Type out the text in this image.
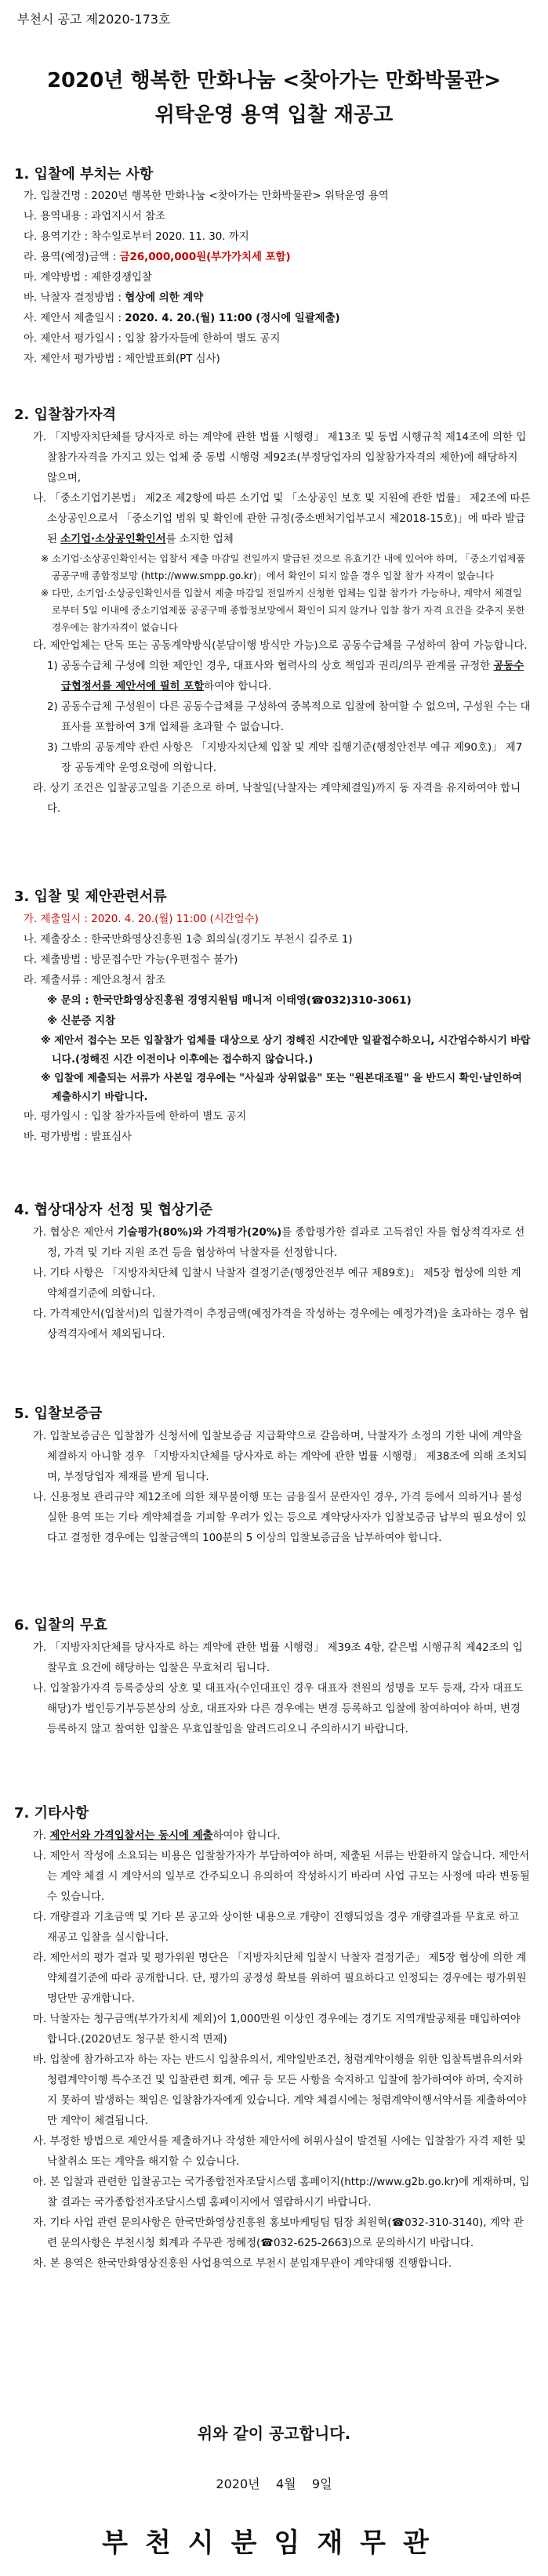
부천시 공고 제2020-173호
2020년 행복한 만화나눔 <찾아가는 만화박물관>
위탁운영 용역 입찰 재공고
1. 입찰에 부치는 사항

가. 입찰건명 : 2020년 행복한 만화나눔 <찾아가는 만화박물관> 위탁운영 용역

나. 용역내용 : 과업지시서 참조

다. 용역기간 : 착수일로부터 2020. 11. 30. 까지

라. 용역(예정)금액 : 금26,000,000원(부가가치세 포함)

마. 계약방법 : 제한경쟁입찰

바. 낙찰자 결정방법 : 협상에 의한 계약

사. 제안서 제출일시 : 2020. 4. 20.(월) 11:00 (정시에 일괄제출)

아. 제안서 평가일시 : 입찰 참가자들에 한하여 별도 공지

자. 제안서 평가방법 : 제안발표회(PT 심사)

2. 입찰참가자격

가. 「지방자치단체를 당사자로 하는 계약에 관한 법률 시행령」 제13조 및 동법 시행규칙 제14조에 의한 입찰참가자격을 가지고 있는 업체 중 동법 시행령 제92조(부정당업자의 입찰참가자격의 제한)에 해당하지 않으며,

나. 「중소기업기본법」 제2조 제2항에 따른 소기업 및 「소상공인 보호 및 지원에 관한 법률」 제2조에 따른 소상공인으로서 「중소기업 범위 및 확인에 관한 규정(중소벤처기업부고시 제2018-15호)」에 따라 발급된 소기업·소상공인확인서를 소지한 업체

※ 소기업·소상공인확인서는 입찰서 제출 마감일 전일까지 발급된 것으로 유효기간 내에 있어야 하며, 「중소기업제품 공공구매 종합정보망 (http://www.smpp.go.kr)」에서 확인이 되지 않을 경우 입찰 참가 자격이 없습니다

※ 다만, 소기업·소상공인확인서를 입찰서 제출 마감일 전일까지 신청한 업체는 입찰 참가가 가능하나, 계약서 체결일로부터 5일 이내에 중소기업제품 공공구매 종합정보망에서 확인이 되지 않거나 입찰 참가 자격 요건을 갖추지 못한 경우에는 참가자격이 없습니다

다. 제안업체는 단독 또는 공동계약방식(분담이행 방식만 가능)으로 공동수급체를 구성하여 참여 가능합니다.

1) 공동수급체 구성에 의한 제안인 경우, 대표사와 협력사의 상호 책임과 권리/의무 관계를 규정한 공동수급협정서를 제안서에 필히 포함하여야 합니다.

2) 공동수급체 구성원이 다른 공동수급체를 구성하여 중복적으로 입찰에 참여할 수 없으며, 구성원 수는 대표사를 포함하여 3개 업체를 초과할 수 없습니다.

3) 그밖의 공동계약 관련 사항은 「지방자치단체 입찰 및 계약 집행기준(행정안전부 예규 제90호)」 제7장 공동계약 운영요령에 의합니다.

라. 상기 조건은 입찰공고일을 기준으로 하며, 낙찰일(낙찰자는 계약체결일)까지 동 자격을 유지하여야 합니다.

3. 입찰 및 제안관련서류

가. 제출일시 : 2020. 4. 20.(월) 11:00 (시간엄수)

나. 제출장소 : 한국만화영상진흥원 1층 회의실(경기도 부천시 길주로 1)

다. 제출방법 : 방문접수만 가능(우편접수 불가)

라. 제출서류 : 제안요청서 참조

※ 문의 : 한국만화영상진흥원 경영지원팀 매니저 이태영(☎032)310-3061)

※ 신분증 지참

※ 제안서 접수는 모든 입찰참가 업체를 대상으로 상기 정해진 시간에만 일괄접수하오니, 시간엄수하시기 바랍니다.(정해진 시간 이전이나 이후에는 접수하지 않습니다.)

※ 입찰에 제출되는 서류가 사본일 경우에는 "사실과 상위없음" 또는 "원본대조필" 을 반드시 확인·날인하여 제출하시기 바랍니다.

마. 평가일시 : 입찰 참가자들에 한하여 별도 공지

바. 평가방법 : 발표심사

4. 협상대상자 선정 및 협상기준

가. 협상은 제안서 기술평가(80%)와 가격평가(20%)를 종합평가한 결과로 고득점인 자를 협상적격자로 선정, 가격 및 기타 지원 조건 등을 협상하여 낙찰자를 선정합니다.

나. 기타 사항은 「지방자치단체 입찰시 낙찰자 결정기준(행정안전부 예규 제89호)」 제5장 협상에 의한 계약체결기준에 의합니다.

다. 가격제안서(입찰서)의 입찰가격이 추정금액(예정가격을 작성하는 경우에는 예정가격)을 초과하는 경우 협상적격자에서 제외됩니다.

5. 입찰보증금

가. 입찰보증금은 입찰참가 신청서에 입찰보증금 지급확약으로 갈음하며, 낙찰자가 소정의 기한 내에 계약을 체결하지 아니할 경우 「지방자치단체를 당사자로 하는 계약에 관한 법률 시행령」 제38조에 의해 조치되며, 부정당업자 제재를 받게 됩니다.

나. 신용정보 관리규약 제12조에 의한 채무불이행 또는 금융질서 문란자인 경우, 가격 등에서 의하거나 불성실한 용역 또는 기타 계약체결을 기피할 우려가 있는 등으로 계약당사자가 입찰보증금 납부의 필요성이 있다고 결정한 경우에는 입찰금액의 100분의 5 이상의 입찰보증금을 납부하여야 합니다.

6. 입찰의 무효

가. 「지방자치단체를 당사자로 하는 계약에 관한 법률 시행령」 제39조 4항, 같은법 시행규칙 제42조의 입찰무효 요건에 해당하는 입찰은 무효처리 됩니다.

나. 입찰참가자격 등록증상의 상호 및 대표자(수인대표인 경우 대표자 전원의 성명을 모두 등재, 각자 대표도 해당)가 법인등기부등본상의 상호, 대표자와 다른 경우에는 변경 등록하고 입찰에 참여하여야 하며, 변경 등록하지 않고 참여한 입찰은 무효입찰임을 알려드리오니 주의하시기 바랍니다.

7. 기타사항

가. 제안서와 가격입찰서는 동시에 제출하여야 합니다.

나. 제안서 작성에 소요되는 비용은 입찰참가자가 부담하여야 하며, 제출된 서류는 반환하지 않습니다. 제안서는 계약 체결 시 계약서의 일부로 간주되오니 유의하여 작성하시기 바라며 사업 규모는 사정에 따라 변동될 수 있습니다.

다. 개량결과 기초금액 및 기타 본 공고와 상이한 내용으로 개량이 진행되었을 경우 개량결과를 무효로 하고 재공고 입찰을 실시합니다.

라. 제안서의 평가 결과 및 평가위원 명단은 「지방자치단체 입찰시 낙찰자 결정기준」 제5장 협상에 의한 계약체결기준에 따라 공개합니다. 단, 평가의 공정성 확보를 위하여 필요하다고 인정되는 경우에는 평가위원 명단만 공개합니다.

마. 낙찰자는 청구금액(부가가치세 제외)이 1,000만원 이상인 경우에는 경기도 지역개발공채를 매입하여야 합니다.(2020년도 청구분 한시적 면제)

바. 입찰에 참가하고자 하는 자는 반드시 입찰유의서, 계약일반조건, 청렴계약이행을 위한 입찰특별유의서와 청렴계약이행 특수조건 및 입찰관련 회계, 예규 등 모든 사항을 숙지하고 입찰에 참가하여야 하며, 숙지하지 못하여 발생하는 책임은 입찰참가자에게 있습니다. 계약 체결시에는 청렴계약이행서약서를 제출하여야만 계약이 체결됩니다.

사. 부정한 방법으로 제안서를 제출하거나 작성한 제안서에 허위사실이 발견될 시에는 입찰참가 자격 제한 및 낙찰취소 또는 계약을 해지할 수 있습니다.

아. 본 입찰과 관련한 입찰공고는 국가종합전자조달시스템 홈페이지(http://www.g2b.go.kr)에 게재하며, 입찰 결과는 국가종합전자조달시스템 홈페이지에서 열람하시기 바랍니다.

자. 기타 사업 관련 문의사항은 한국만화영상진흥원 홍보마케팅팀 팀장 최원혁(☎032-310-3140), 계약 관련 문의사항은 부천시청 회계과 주무관 정혜정(☎032-625-2663)으로 문의하시기 바랍니다.

차. 본 용역은 한국만화영상진흥원 사업용역으로 부천시 분임재무관이 계약대행 진행합니다.

위와 같이 공고합니다.
2020년    4월    9일
부천시분임재무관
